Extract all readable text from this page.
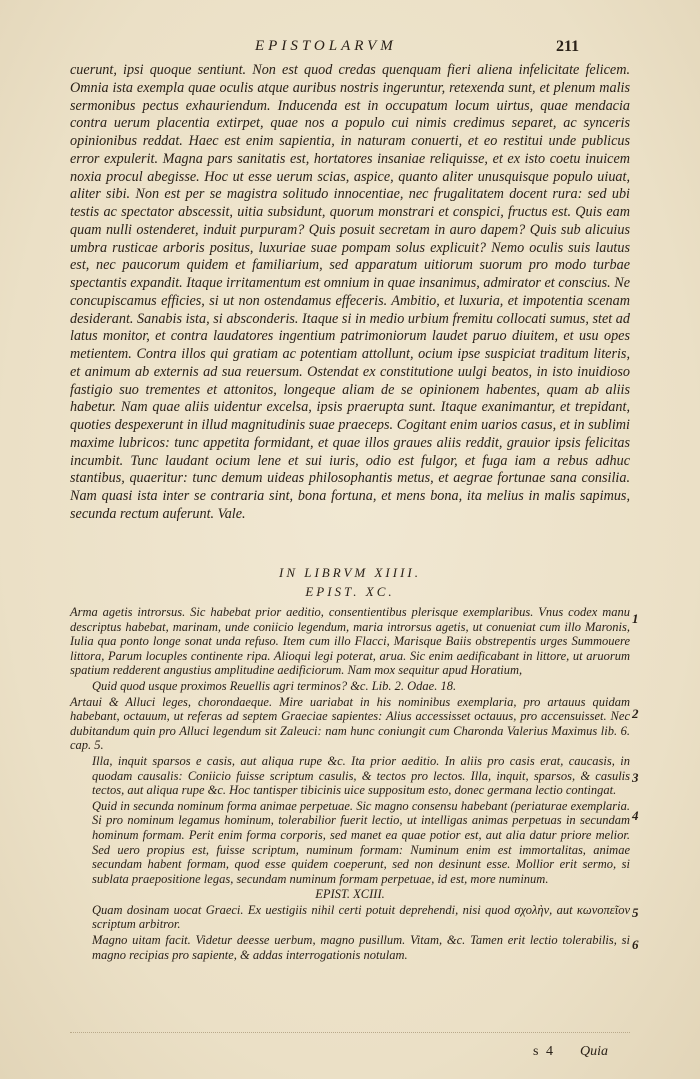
EPISTOLARVM	211

cuerunt, ipsi quoque sentiunt. Non est quod credas quenquam fieri aliena infelicitate felicem. Omnia ista exempla quae oculis atque auribus nostris ingeruntur, retexenda sunt, et plenum malis sermonibus pectus exhauriendum. Inducenda est in occupatum locum uirtus, quae mendacia contra uerum placentia extirpet, quae nos a populo cui nimis credimus separet, ac synceris opinionibus reddat. Haec est enim sapientia, in naturam conuerti, et eo restitui unde publicus error expulerit. Magna pars sanitatis est, hortatores insaniae reliquisse, et ex isto coetu inuicem noxia procul abegisse. Hoc ut esse uerum scias, aspice, quanto aliter unusquisque populo uiuat, aliter sibi. Non est per se magistra solitudo innocentiae, nec frugalitatem docent rura: sed ubi testis ac spectator abscessit, uitia subsidunt, quorum monstrari et conspici, fructus est. Quis eam quam nulli ostenderet, induit purpuram? Quis posuit secretam in auro dapem? Quis sub alicuius umbra rusticae arboris positus, luxuriae suae pompam solus explicuit? Nemo oculis suis lautus est, nec paucorum quidem et familiarium, sed apparatum uitiorum suorum pro modo turbae spectantis expandit. Itaque irritamentum est omnium in quae insanimus, admirator et conscius. Ne concupiscamus efficies, si ut non ostendamus effeceris. Ambitio, et luxuria, et impotentia scenam desiderant. Sanabis ista, si absconderis. Itaque si in medio urbium fremitu collocati sumus, stet ad latus monitor, et contra laudatores ingentium patrimoniorum laudet paruo diuitem, et usu opes metientem. Contra illos qui gratiam ac potentiam attollunt, ocium ipse suspiciat traditum literis, et animum ab externis ad sua reuersum. Ostendat ex constitutione uulgi beatos, in isto inuidioso fastigio suo trementes et attonitos, longeque aliam de se opinionem habentes, quam ab aliis habetur. Nam quae aliis uidentur excelsa, ipsis praerupta sunt. Itaque exanimantur, et trepidant, quoties despexerunt in illud magnitudinis suae praeceps. Cogitant enim uarios casus, et in sublimi maxime lubricos: tunc appetita formidant, et quae illos graues aliis reddit, grauior ipsis felicitas incumbit. Tunc laudant ocium lene et sui iuris, odio est fulgor, et fuga iam a rebus adhuc stantibus, quaeritur: tunc demum uideas philosophantis metus, et aegrae fortunae sana consilia. Nam quasi ista inter se contraria sint, bona fortuna, et mens bona, ita melius in malis sapimus, secunda rectum auferunt. Vale.

IN LIBRVM XIIII.
EPIST. XC.

Arma agetis introrsus. Sic habebat prior aeditio, consentientibus plerisque exemplaribus. Vnus codex manu descriptus habebat, marinam, unde coniicio legendum, maria introrsus agetis, ut conueniat cum illo Maronis, Iulia qua ponto longe sonat unda refuso. Item cum illo Flacci, Marisque Baiis obstrepentis urges Summouere littora, Parum locuples continente ripa. Alioqui legi poterat, arua. Sic enim aedificabant in littore, ut aruorum spatium redderent angustius amplitudine aedificiorum. Nam mox sequitur apud Horatium,

Quid quod usque proximos Reuellis agri terminos? &c. Lib. 2. Odae. 18.

Artaui & Alluci leges, chorondaeque. Mire uariabat in his nominibus exemplaria, pro artauus quidam habebant, octauum, ut referas ad septem Graeciae sapientes: Alius accessisset octauus, pro accensuisset. Nec dubitandum quin pro Alluci legendum sit Zaleuci: nam hunc coniungit cum Charonda Valerius Maximus lib. 6. cap. 5.

Illa, inquit sparsos e casis, aut aliqua rupe &c. Ita prior aeditio. In aliis pro casis erat, caucasis, in quodam causalis: Coniicio fuisse scriptum casulis, & tectos pro lectos. Illa, inquit, sparsos, & casulis tectos, aut aliqua rupe &c. Hoc tantisper tibicinis uice suppositum esto, donec germana lectio contingat.

Quid in secunda nominum forma animae perpetuae. Sic magno consensu habebant (periaturae exemplaria. Si pro nominum legamus hominum, tolerabilior fuerit lectio, ut intelligas animas perpetuas in secundam hominum formam. Perit enim forma corporis, sed manet ea quae potior est, aut alia datur priore melior. Sed uero propius est, fuisse scriptum, numinum formam: Numinum enim est immortalitas, animae secundam habent formam, quod esse quidem coeperunt, sed non desinunt esse. Mollior erit sermo, si sublata praepositione legas, secundam numinum formam perpetuae, id est, more numinum.

EPIST. XCIII.

Quam dosinam uocat Graeci. Ex uestigiis nihil certi potuit deprehendi, nisi quod σχολὴν, aut κωνοπεῖον scriptum arbitror.

Magno uitam facit. Videtur deesse uerbum, magno pusillum. Vitam, &c. Tamen erit lectio tolerabilis, si magno recipias pro sapiente, & addas interrogationis notulam.

1
2
3
4
5
6
s 4 Quia
